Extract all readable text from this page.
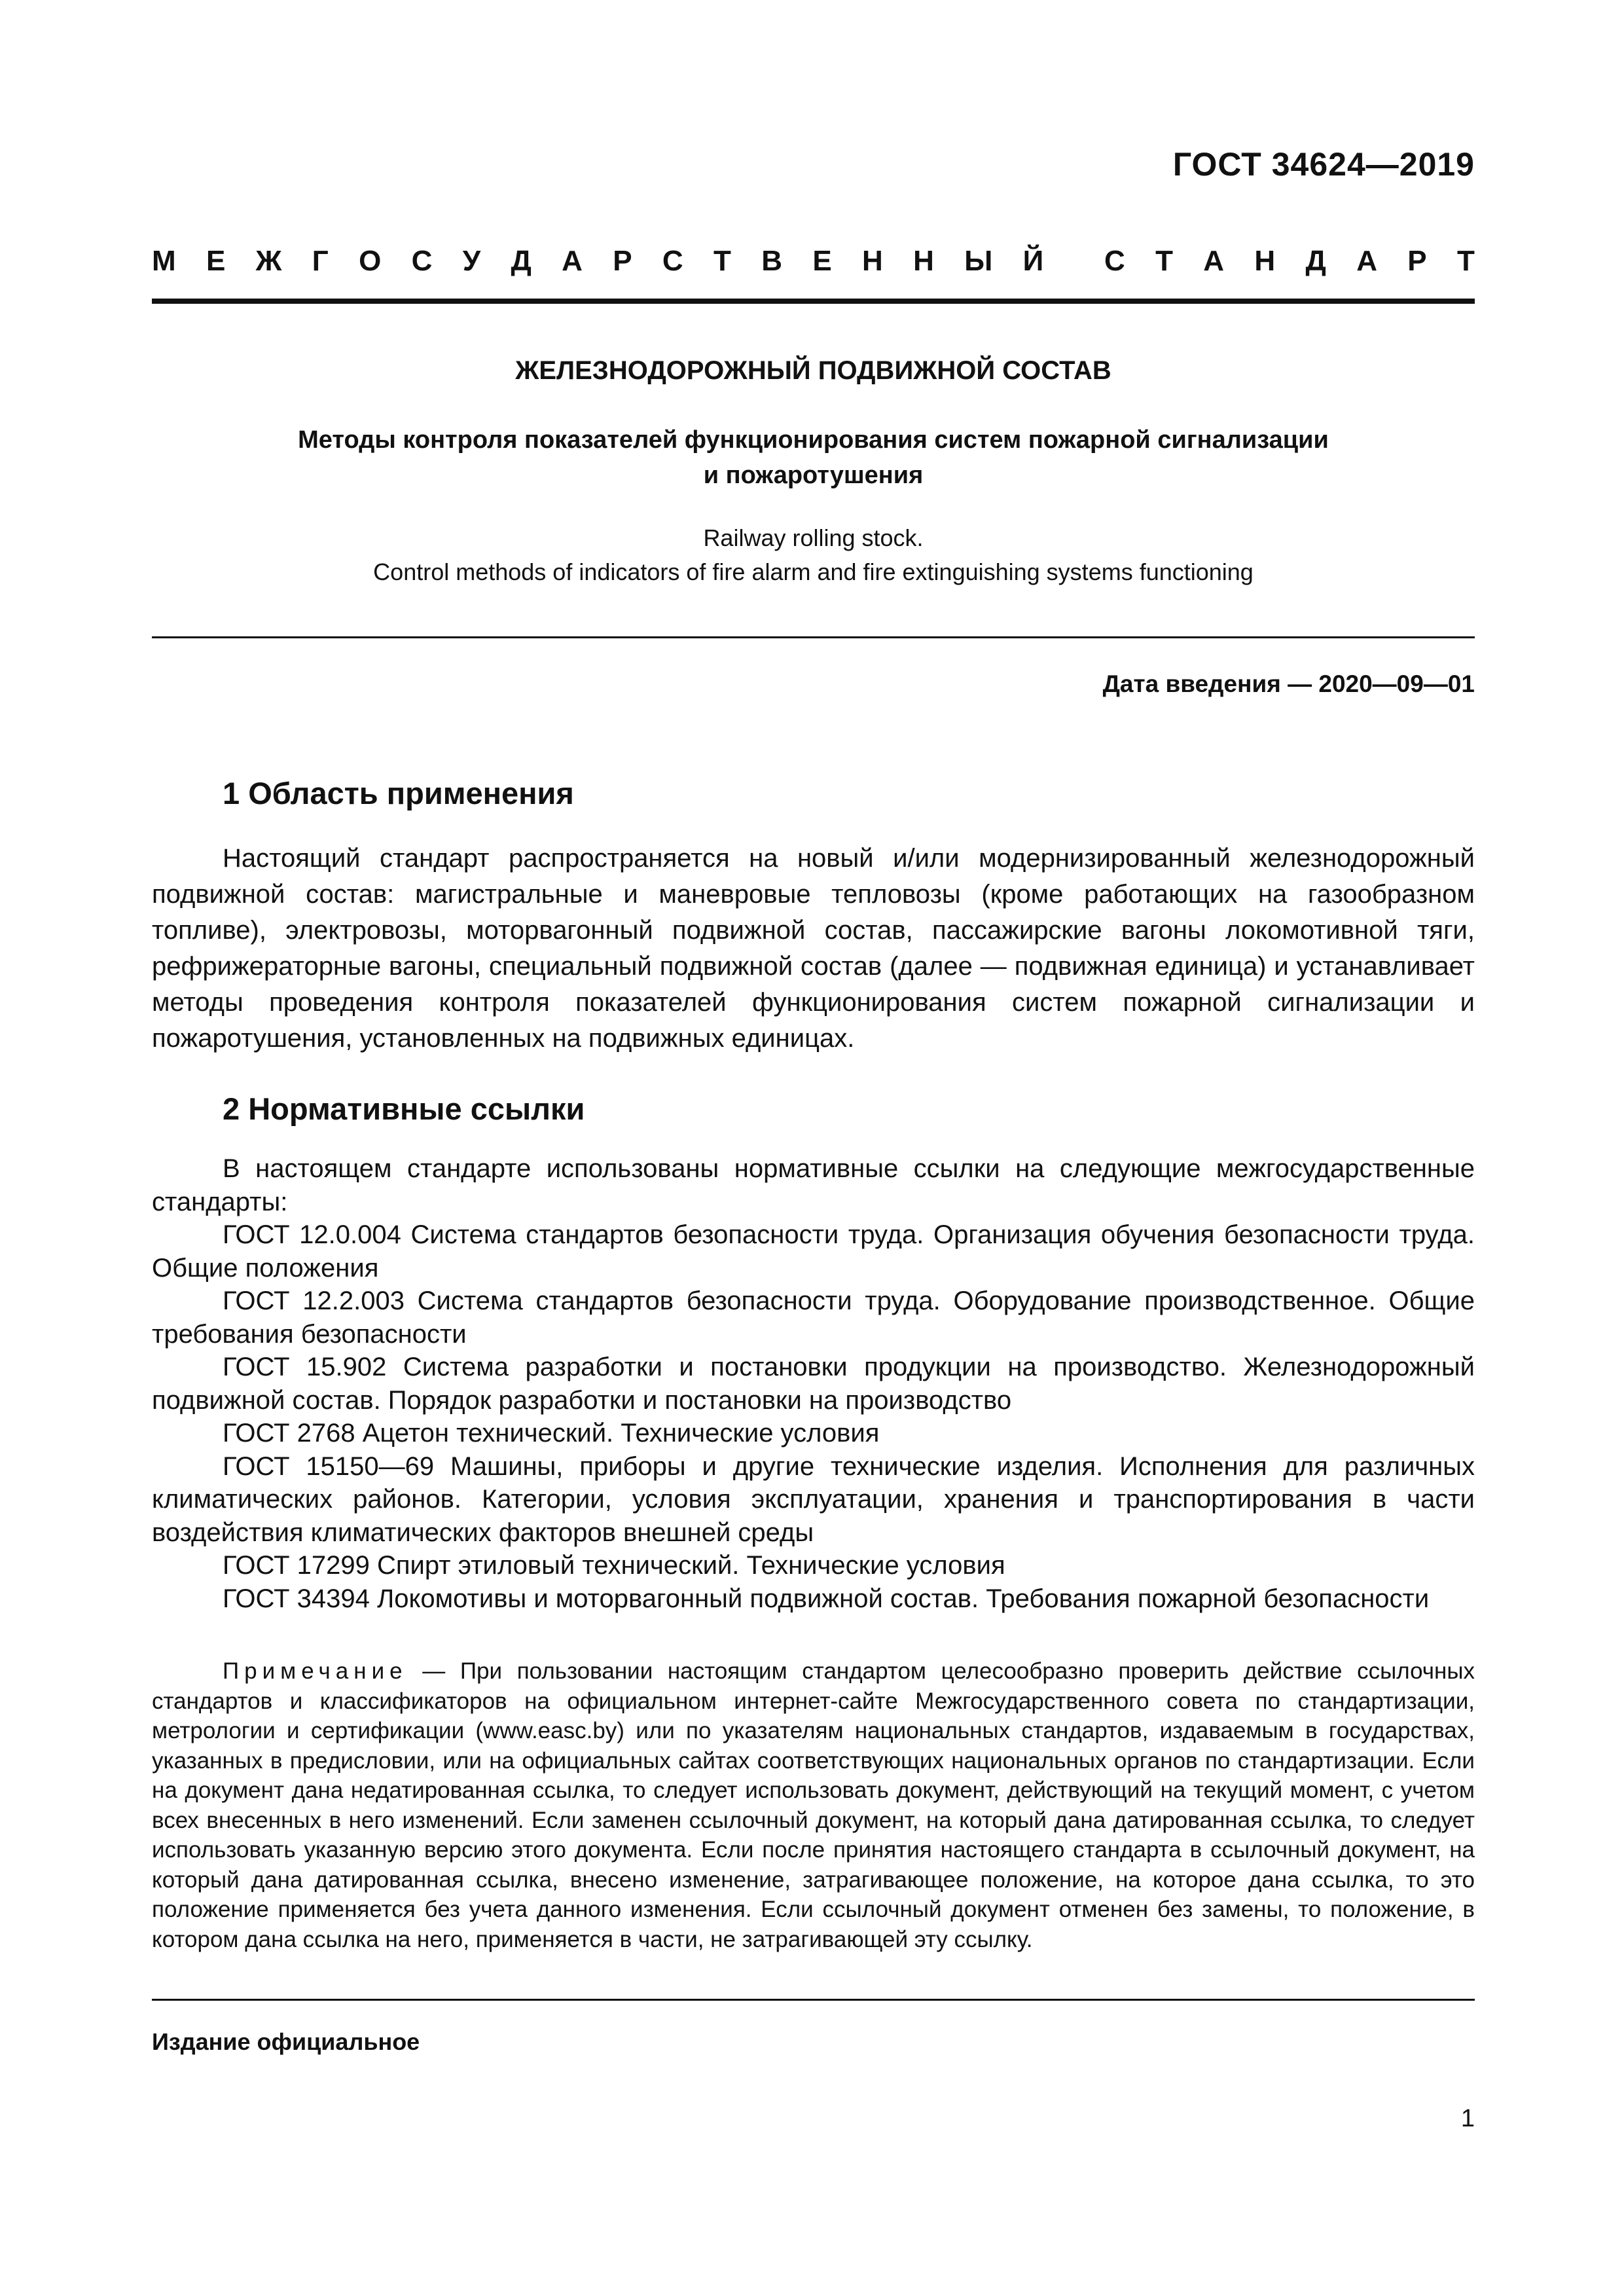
ГОСТ 34624—2019
М Е Ж Г О С У Д А Р С Т В Е Н Н Ы Й С Т А Н Д А Р Т
ЖЕЛЕЗНОДОРОЖНЫЙ ПОДВИЖНОЙ СОСТАВ
Методы контроля показателей функционирования систем пожарной сигнализации
и пожаротушения
Railway rolling stock.
Control methods of indicators of fire alarm and fire extinguishing systems functioning
Дата введения — 2020—09—01
1 Область применения
Настоящий стандарт распространяется на новый и/или модернизированный железнодорожный подвижной состав: магистральные и маневровые тепловозы (кроме работающих на газообразном топливе), электровозы, моторвагонный подвижной состав, пассажирские вагоны локомотивной тяги, рефрижераторные вагоны, специальный подвижной состав (далее — подвижная единица) и устанавливает методы проведения контроля показателей функционирования систем пожарной сигнализации и пожаротушения, установленных на подвижных единицах.
2 Нормативные ссылки

В настоящем стандарте использованы нормативные ссылки на следующие межгосударственные стандарты:

ГОСТ 12.0.004 Система стандартов безопасности труда. Организация обучения безопасности труда. Общие положения

ГОСТ 12.2.003 Система стандартов безопасности труда. Оборудование производственное. Общие требования безопасности

ГОСТ 15.902 Система разработки и постановки продукции на производство. Железнодорожный подвижной состав. Порядок разработки и постановки на производство

ГОСТ 2768 Ацетон технический. Технические условия

ГОСТ 15150—69 Машины, приборы и другие технические изделия. Исполнения для различных климатических районов. Категории, условия эксплуатации, хранения и транспортирования в части воздействия климатических факторов внешней среды

ГОСТ 17299 Спирт этиловый технический. Технические условия

ГОСТ 34394 Локомотивы и моторвагонный подвижной состав. Требования пожарной безопасности

Примечание — При пользовании настоящим стандартом целесообразно проверить действие ссылочных стандартов и классификаторов на официальном интернет-сайте Межгосударственного совета по стандартизации, метрологии и сертификации (www.easc.by) или по указателям национальных стандартов, издаваемым в государствах, указанных в предисловии, или на официальных сайтах соответствующих национальных органов по стандартизации. Если на документ дана недатированная ссылка, то следует использовать документ, действующий на текущий момент, с учетом всех внесенных в него изменений. Если заменен ссылочный документ, на который дана датированная ссылка, то следует использовать указанную версию этого документа. Если после принятия настоящего стандарта в ссылочный документ, на который дана датированная ссылка, внесено изменение, затрагивающее положение, на которое дана ссылка, то это положение применяется без учета данного изменения. Если ссылочный документ отменен без замены, то положение, в котором дана ссылка на него, применяется в части, не затрагивающей эту ссылку.
Издание официальное
1
